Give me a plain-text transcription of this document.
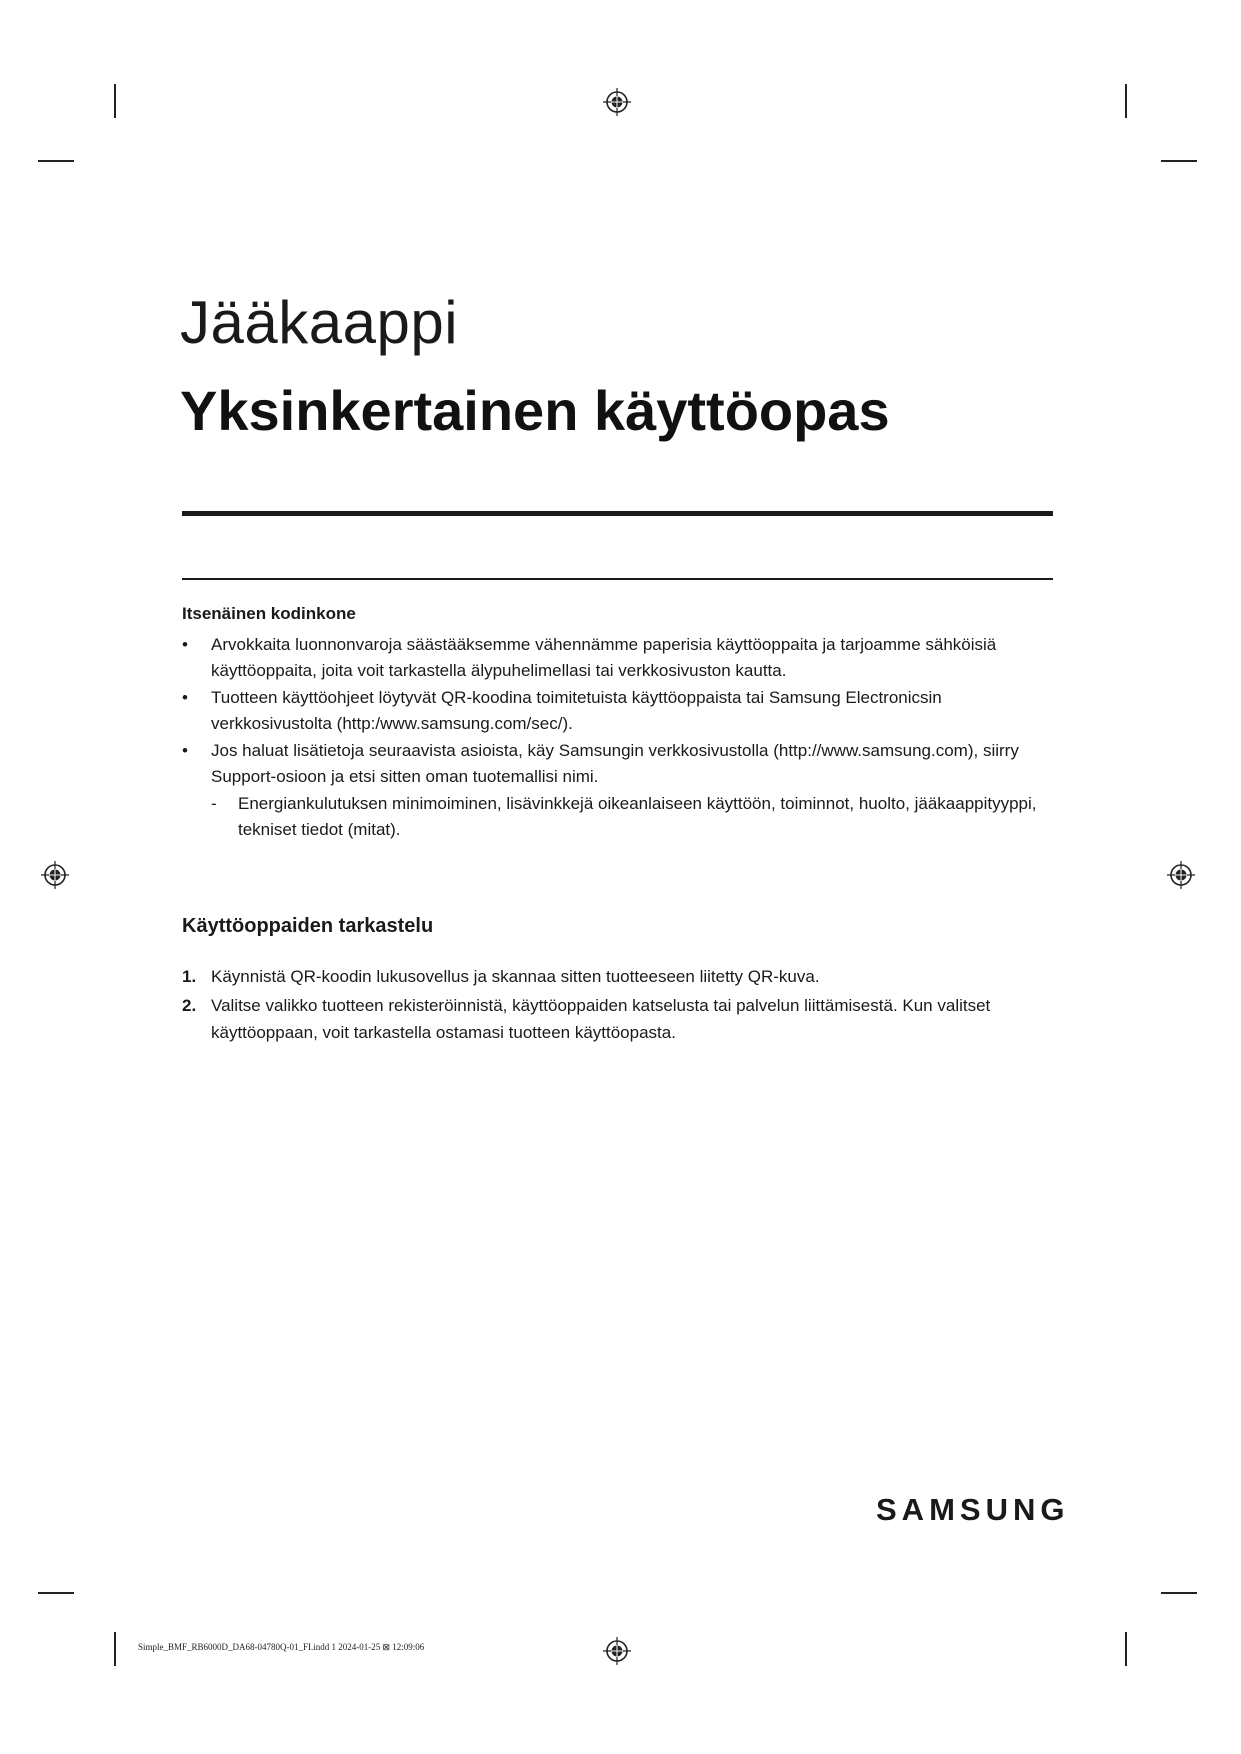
Jääkaappi
Yksinkertainen käyttöopas
Itsenäinen kodinkone
• Arvokkaita luonnonvaroja säästääksemme vähennämme paperisia käyttöoppaita ja tarjoamme sähköisiä käyttöoppaita, joita voit tarkastella älypuhelimellasi tai verkkosivuston kautta.
• Tuotteen käyttöohjeet löytyvät QR-koodina toimitetuista käyttöoppaista tai Samsung Electronicsin verkkosivustolta (http:/www.samsung.com/sec/).
• Jos haluat lisätietoja seuraavista asioista, käy Samsungin verkkosivustolla (http://www.samsung.com), siirry Support-osioon ja etsi sitten oman tuotemallisi nimi.
- Energiankulutuksen minimoiminen, lisävinkkejä oikeanlaiseen käyttöön, toiminnot, huolto, jääkaappityyppi, tekniset tiedot (mitat).
Käyttöoppaiden tarkastelu
1. Käynnistä QR-koodin lukusovellus ja skannaa sitten tuotteeseen liitetty QR-kuva.
2. Valitse valikko tuotteen rekisteröinnistä, käyttöoppaiden katselusta tai palvelun liittämisestä. Kun valitset käyttöoppaan, voit tarkastella ostamasi tuotteen käyttöopasta.
SAMSUNG
Simple_BMF_RB6000D_DA68-04780Q-01_FI.indd 1 2024-01-25 ⊠ 12:09:06
